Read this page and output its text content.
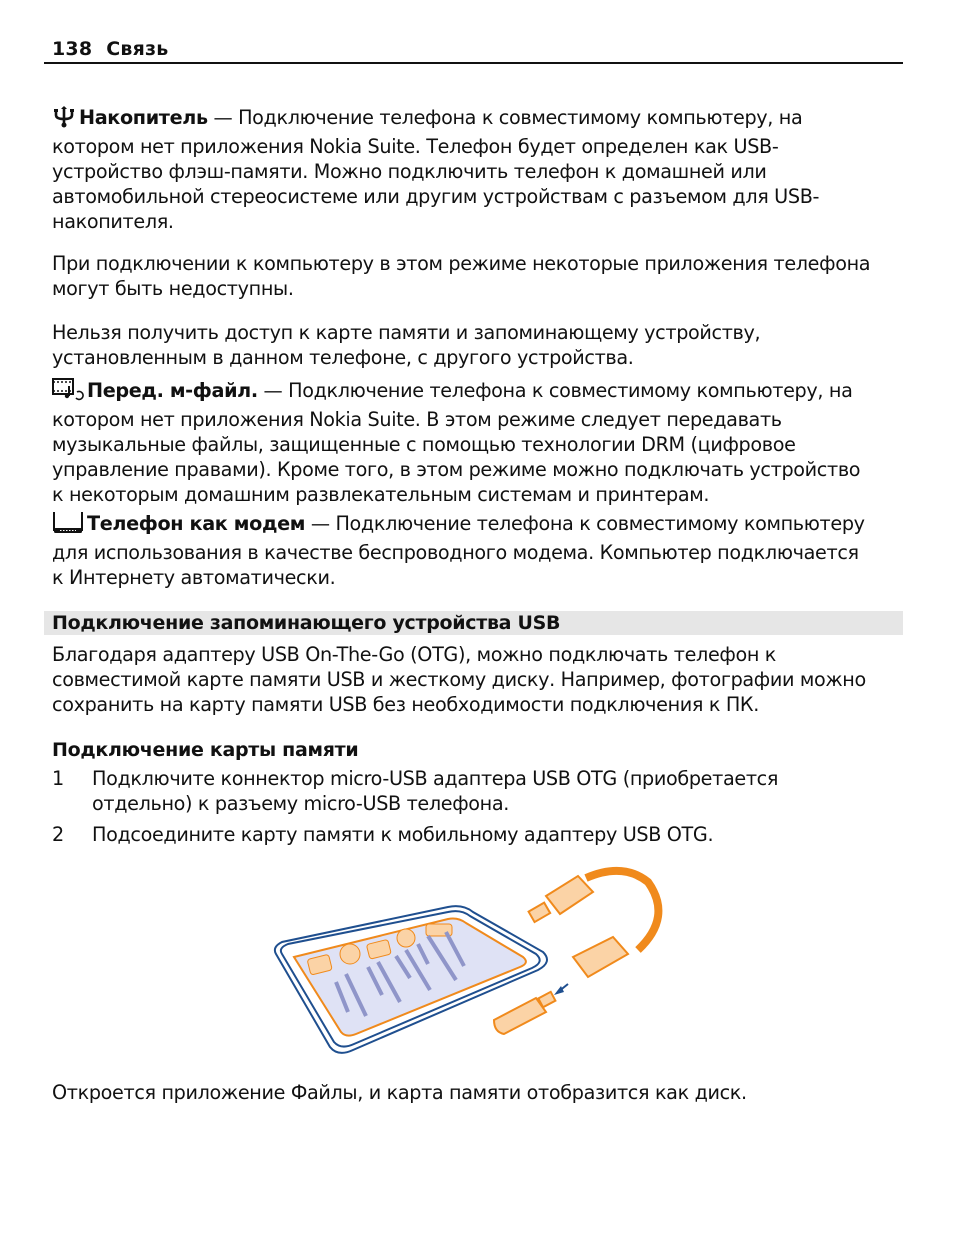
138 Связь
Накопитель — Подключение телефона к совместимому компьютеру, на
котором нет приложения Nokia Suite. Телефон будет определен как USB-
устройство флэш-памяти. Можно подключить телефон к домашней или
автомобильной стереосистеме или другим устройствам с разъемом для USB-
накопителя.
При подключении к компьютеру в этом режиме некоторые приложения телефона
могут быть недоступны.
Нельзя получить доступ к карте памяти и запоминающему устройству,
установленным в данном телефоне, с другого устройства.
Перед. м-файл. — Подключение телефона к совместимому компьютеру, на
котором нет приложения Nokia Suite. В этом режиме следует передавать
музыкальные файлы, защищенные с помощью технологии DRM (цифровое
управление правами). Кроме того, в этом режиме можно подключать устройство
к некоторым домашним развлекательным системам и принтерам.
Телефон как модем — Подключение телефона к совместимому компьютеру
для использования в качестве беспроводного модема. Компьютер подключается
к Интернету автоматически.
Подключение запоминающего устройства USB
Благодаря адаптеру USB On-The-Go (OTG), можно подключать телефон к
совместимой карте памяти USB и жесткому диску. Например, фотографии можно
сохранить на карту памяти USB без необходимости подключения к ПК.
Подключение карты памяти
1 Подключите коннектор micro-USB адаптера USB OTG (приобретается
отдельно) к разъему micro-USB телефона.
2 Подсоедините карту памяти к мобильному адаптеру USB OTG.
Откроется приложение Файлы, и карта памяти отобразится как диск.
